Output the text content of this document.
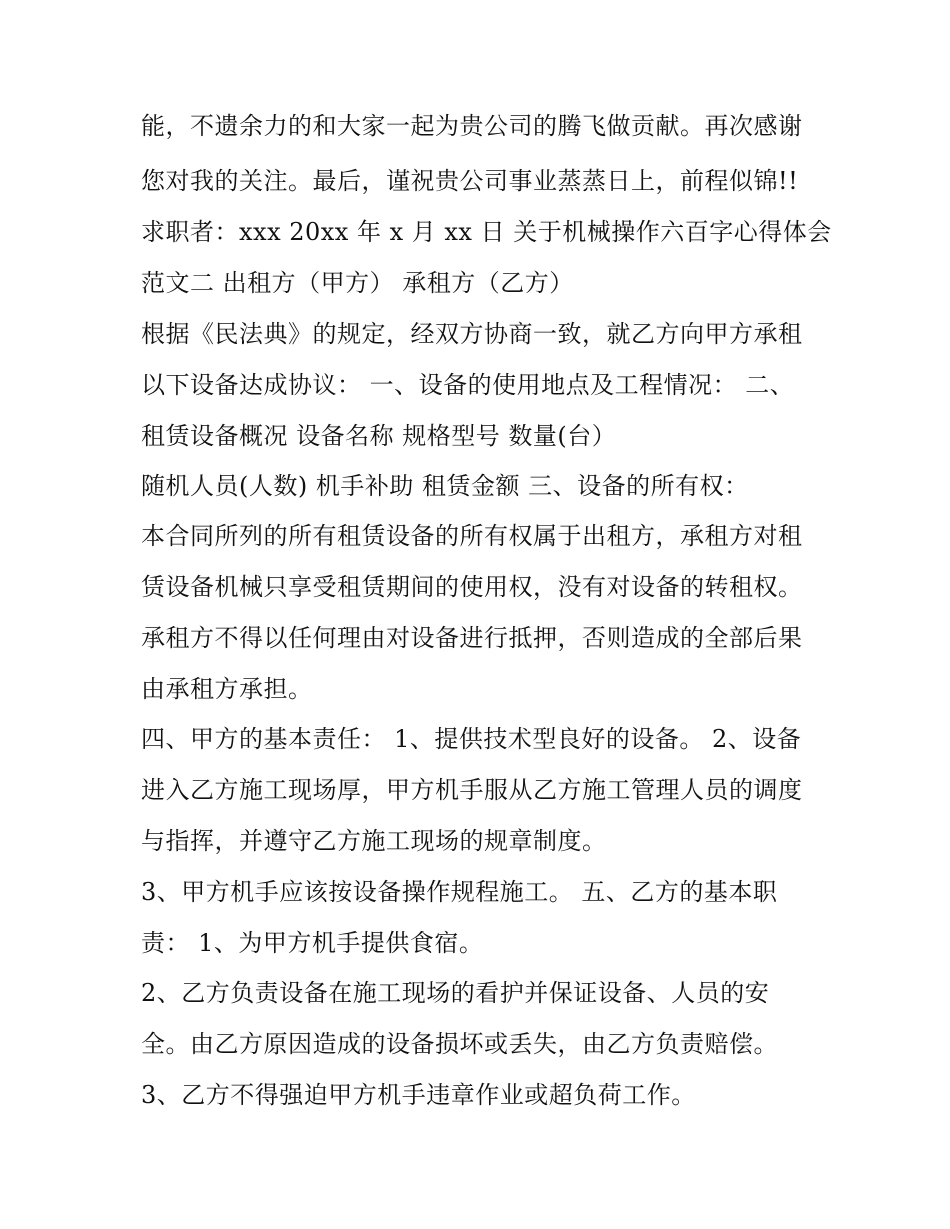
能，不遗余力的和大家一起为贵公司的腾飞做贡献。再次感谢
您对我的关注。最后，谨祝贵公司事业蒸蒸日上，前程似锦!!
求职者：xxx 20xx 年 x 月 xx 日 关于机械操作六百字心得体会
范文二 出租方（甲方） 承租方（乙方）
根据《民法典》的规定，经双方协商一致，就乙方向甲方承租
以下设备达成协议： 一、设备的使用地点及工程情况： 二、
租赁设备概况 设备名称 规格型号 数量(台）
随机人员(人数) 机手补助 租赁金额 三、设备的所有权：
本合同所列的所有租赁设备的所有权属于出租方，承租方对租
赁设备机械只享受租赁期间的使用权，没有对设备的转租权。
承租方不得以任何理由对设备进行抵押，否则造成的全部后果
由承租方承担。
四、甲方的基本责任： 1、提供技术型良好的设备。 2、设备
进入乙方施工现场厚，甲方机手服从乙方施工管理人员的调度
与指挥，并遵守乙方施工现场的规章制度。
3、甲方机手应该按设备操作规程施工。 五、乙方的基本职
责： 1、为甲方机手提供食宿。
2、乙方负责设备在施工现场的看护并保证设备、人员的安
全。由乙方原因造成的设备损坏或丢失，由乙方负责赔偿。
3、乙方不得强迫甲方机手违章作业或超负荷工作。
